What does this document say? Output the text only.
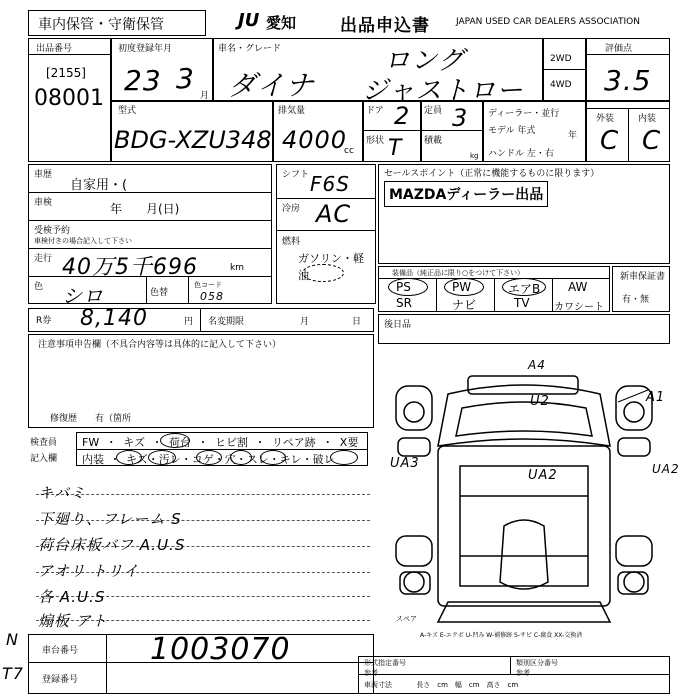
車内保管・守衛保管	JU 愛知	出品申込書	JAPAN USED CAR DEALERS ASSOCIATION
出品番号
[2155]
08001
初度登録年月
23 3
月
車名・グレード
ダイナ
ロング
ジャストロー
2WD
4WD
評価点
3.5
外装	内装
C C
型式
BDG-XZU348
排気量
4000
cc
ドア 2 定員 3
形状 T 積載
kg
ディーラー・並行
モデル 年式	年
ハンドル 左・右
車歴
自家用・(
車検	年　　月(日)
受検予約
車検付きの場合記入して下さい
走行 40万5千696	km
色 シロ	色替
色コード
058
シフト F6S
冷房 AC
燃料
ガソリン・軽油
セールスポイント（正常に機能するものに限ります）
MAZDAディーラー出品
装備品（純正品に限り○をつけて下さい）
PS	PW	エアB AW
SR	ナビ	TV カワシート
新車保証書
有・無
R券 8,140	円 名変期限	月	日	後日品
注意事項申告欄（不具合内容等は具体的に記入して下さい）
修復歴　　有（箇所
検査員
記入欄
FW ・ キズ ・ 荷台 ・ ヒビ割 ・ リペア跡 ・ X要
内装 ・ キズ・汚レ・コゲ・穴・スレ・キレ・破レ
キバミ
下廻り、フレーム S
荷台床板バフ A.U.S
アオリ トリイ
各 A.U.S
煽板 アト
車台番号 1003070
登録番号
N
T7
A4
U2	A1
UA3
UA2	UA2
スペア
A-キズ E-エクボ U-凹み W-補修跡 S-サビ C-腐食 XX-交換済
形式指定番号 参考
類別区分番号 参考
車両寸法 長さ　cm　幅　cm　高さ　cm
